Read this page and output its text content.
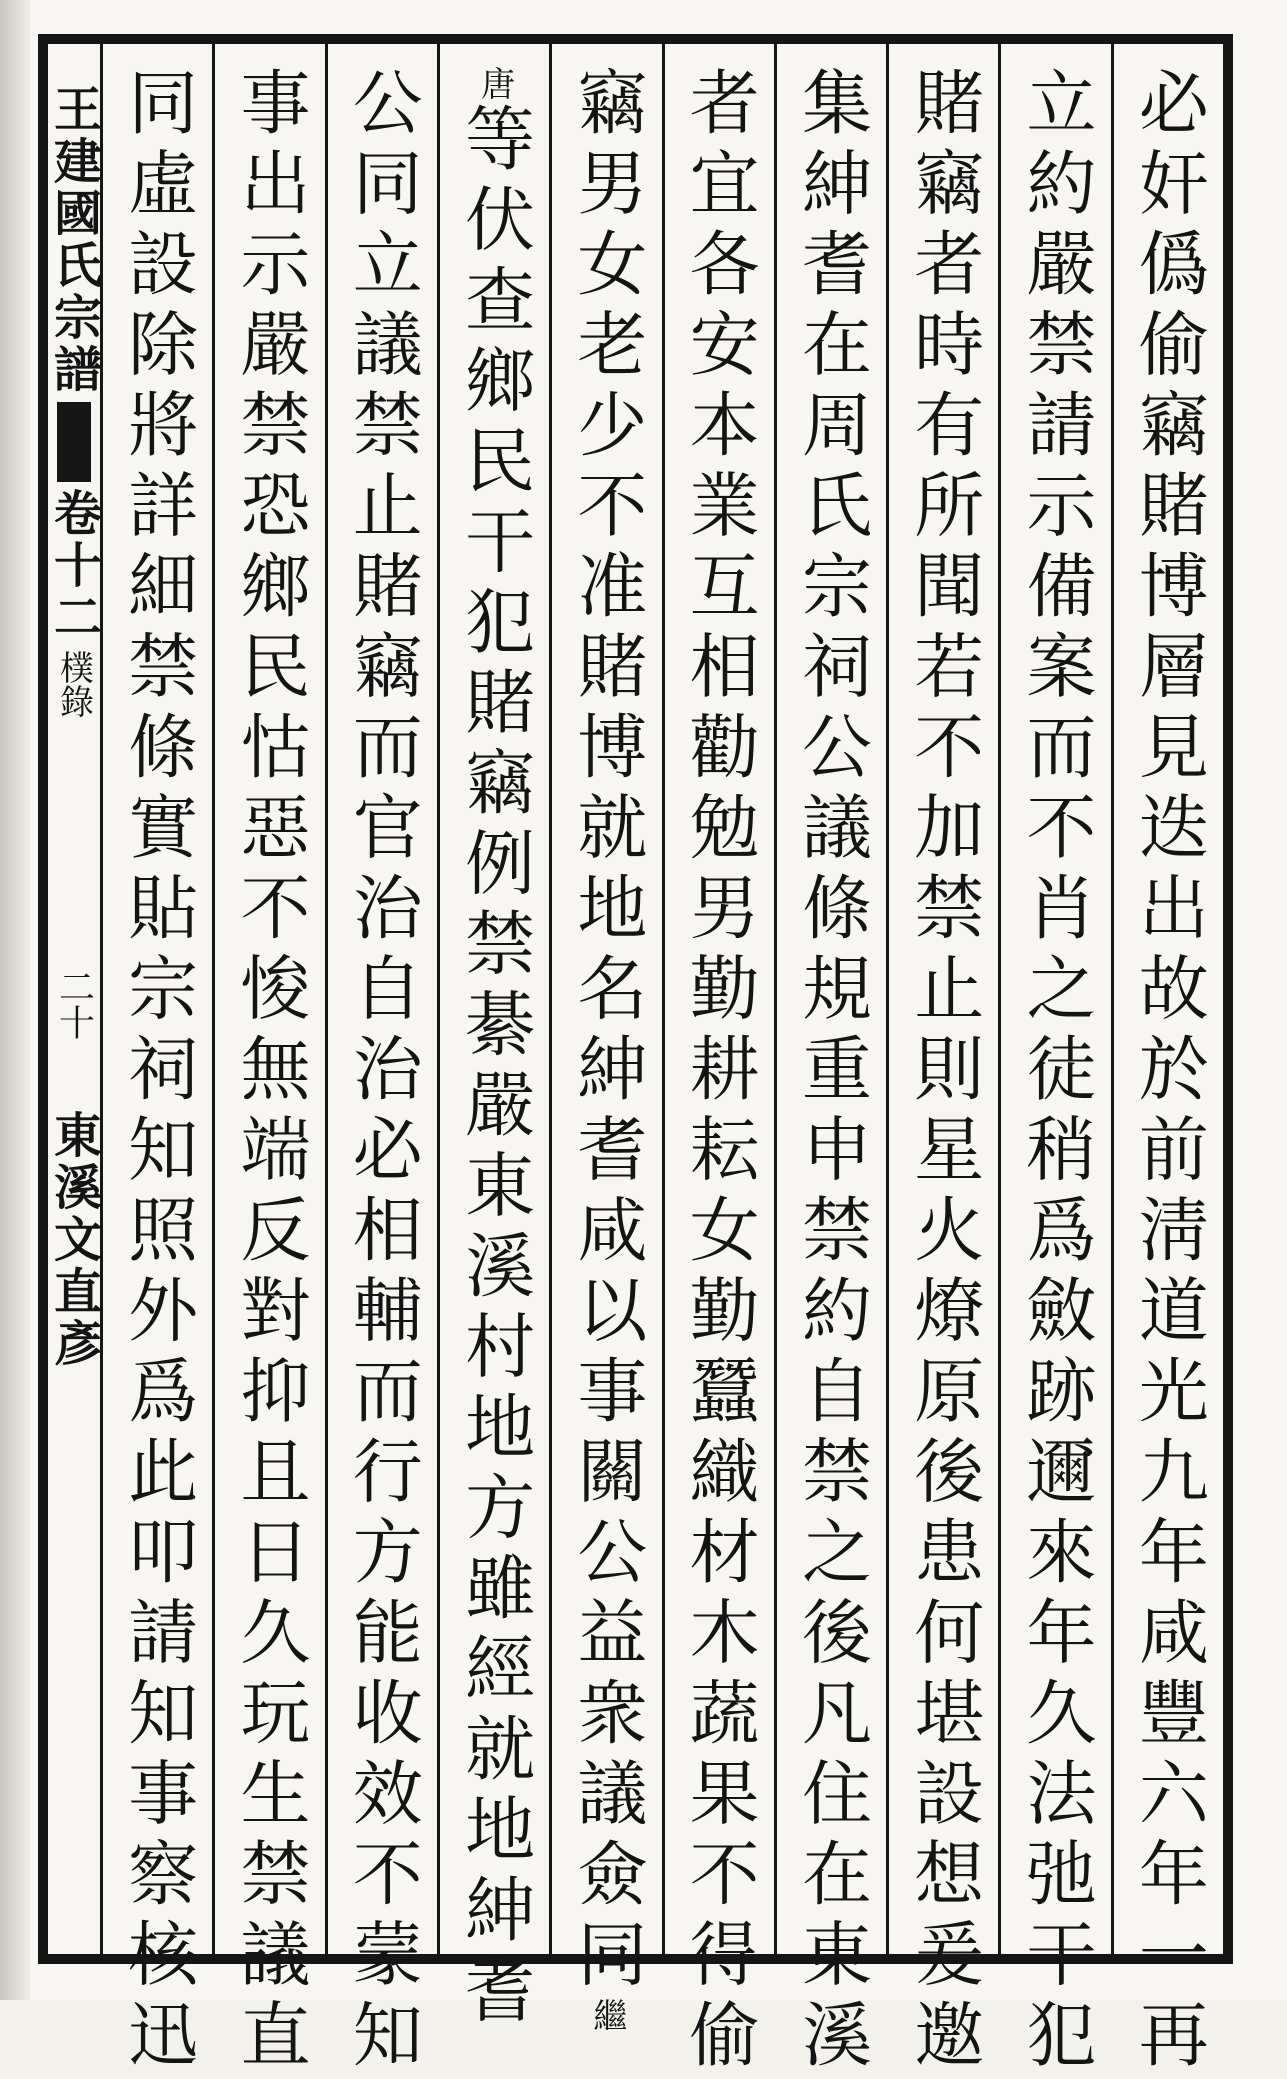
王建國氏宗譜
卷十二
樸錄
二十
東溪文直彥	必奸僞偷竊賭博層見迭出故於前淸道光九年咸豐六年一再
立約嚴禁請示備案而不肖之徒稍爲斂跡邇來年久法弛干犯
賭竊者時有所聞若不加禁止則星火燎原後患何堪設想爰邀
集紳耆在周氏宗祠公議條規重申禁約自禁之後凡住在東溪
者宜各安本業互相勸勉男勤耕耘女勤蠶織材木蔬果不得偷
竊男女老少不准賭博就地名紳耆咸以事關公益衆議僉同繼
唐等伏查鄉民干犯賭竊例禁綦嚴東溪村地方雖經就地紳耆
公同立議禁止賭竊而官治自治必相輔而行方能收效不蒙知
事出示嚴禁恐鄉民怙惡不悛無端反對抑且日久玩生禁議直
同虛設除將詳細禁條實貼宗祠知照外爲此叩請知事察核迅
